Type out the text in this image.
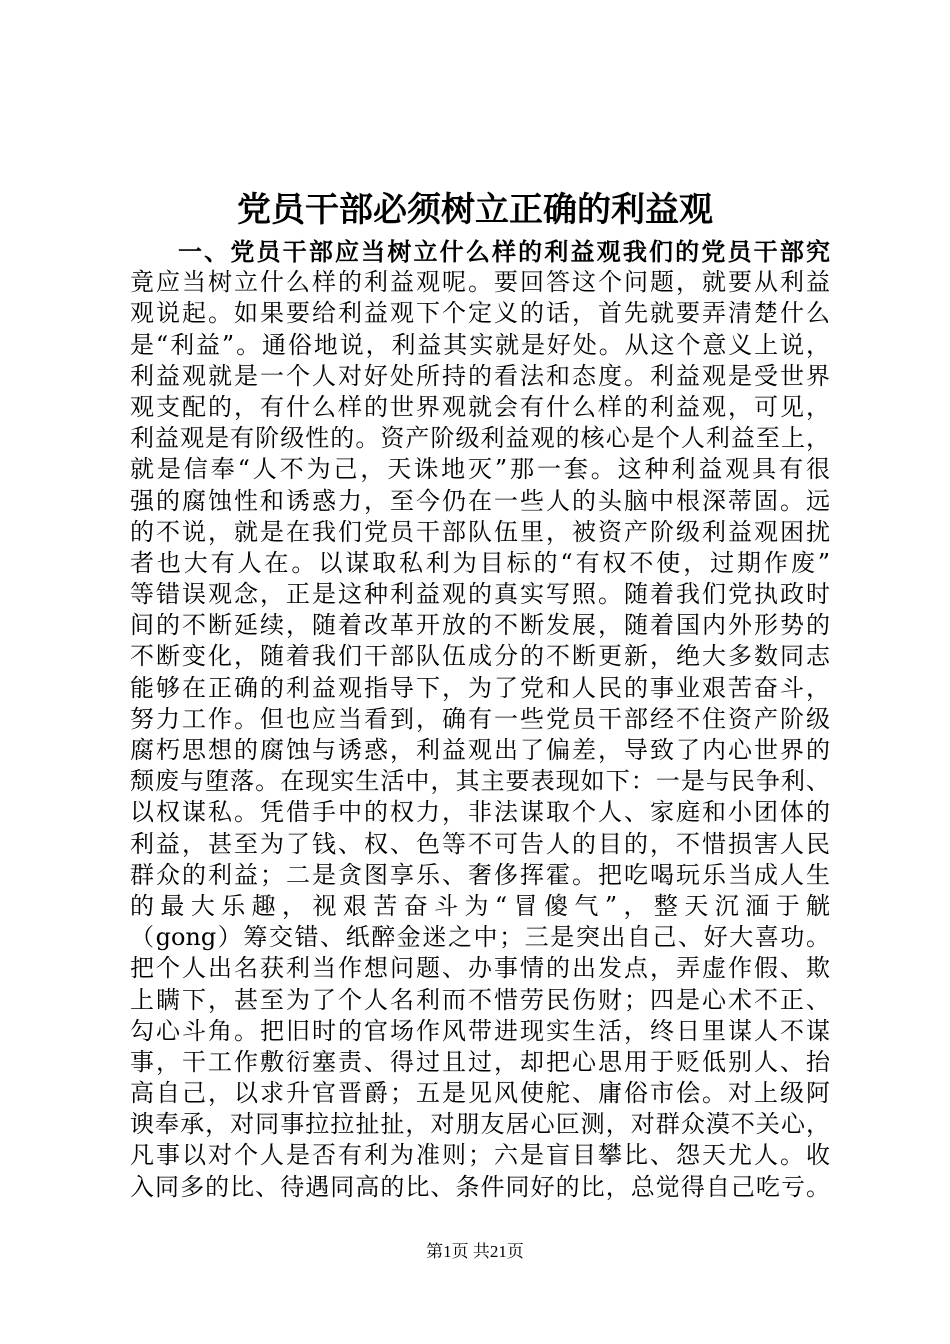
党员干部必须树立正确的利益观
一、党员干部应当树立什么样的利益观我们的党员干部究
竟应当树立什么样的利益观呢。要回答这个问题，就要从利益
观说起。如果要给利益观下个定义的话，首先就要弄清楚什么
是“利益”。通俗地说，利益其实就是好处。从这个意义上说，
利益观就是一个人对好处所持的看法和态度。利益观是受世界
观支配的，有什么样的世界观就会有什么样的利益观，可见，
利益观是有阶级性的。资产阶级利益观的核心是个人利益至上，
就是信奉“人不为己，天诛地灭”那一套。这种利益观具有很
强的腐蚀性和诱惑力，至今仍在一些人的头脑中根深蒂固。远
的不说，就是在我们党员干部队伍里，被资产阶级利益观困扰
者也大有人在。以谋取私利为目标的“有权不使，过期作废”
等错误观念，正是这种利益观的真实写照。随着我们党执政时
间的不断延续，随着改革开放的不断发展，随着国内外形势的
不断变化，随着我们干部队伍成分的不断更新，绝大多数同志
能够在正确的利益观指导下，为了党和人民的事业艰苦奋斗，
努力工作。但也应当看到，确有一些党员干部经不住资产阶级
腐朽思想的腐蚀与诱惑，利益观出了偏差，导致了内心世界的
颓废与堕落。在现实生活中，其主要表现如下：一是与民争利、
以权谋私。凭借手中的权力，非法谋取个人、家庭和小团体的
利益，甚至为了钱、权、色等不可告人的目的，不惜损害人民
群众的利益；二是贪图享乐、奢侈挥霍。把吃喝玩乐当成人生
的最大乐趣，视艰苦奋斗为“冒傻气”，整天沉湎于觥
（gong）筹交错、纸醉金迷之中；三是突出自己、好大喜功。
把个人出名获利当作想问题、办事情的出发点，弄虚作假、欺
上瞒下，甚至为了个人名利而不惜劳民伤财；四是心术不正、
勾心斗角。把旧时的官场作风带进现实生活，终日里谋人不谋
事，干工作敷衍塞责、得过且过，却把心思用于贬低别人、抬
高自己，以求升官晋爵；五是见风使舵、庸俗市侩。对上级阿
谀奉承，对同事拉拉扯扯，对朋友居心叵测，对群众漠不关心，
凡事以对个人是否有利为准则；六是盲目攀比、怨天尤人。收
入同多的比、待遇同高的比、条件同好的比，总觉得自己吃亏。
第1页 共21页
